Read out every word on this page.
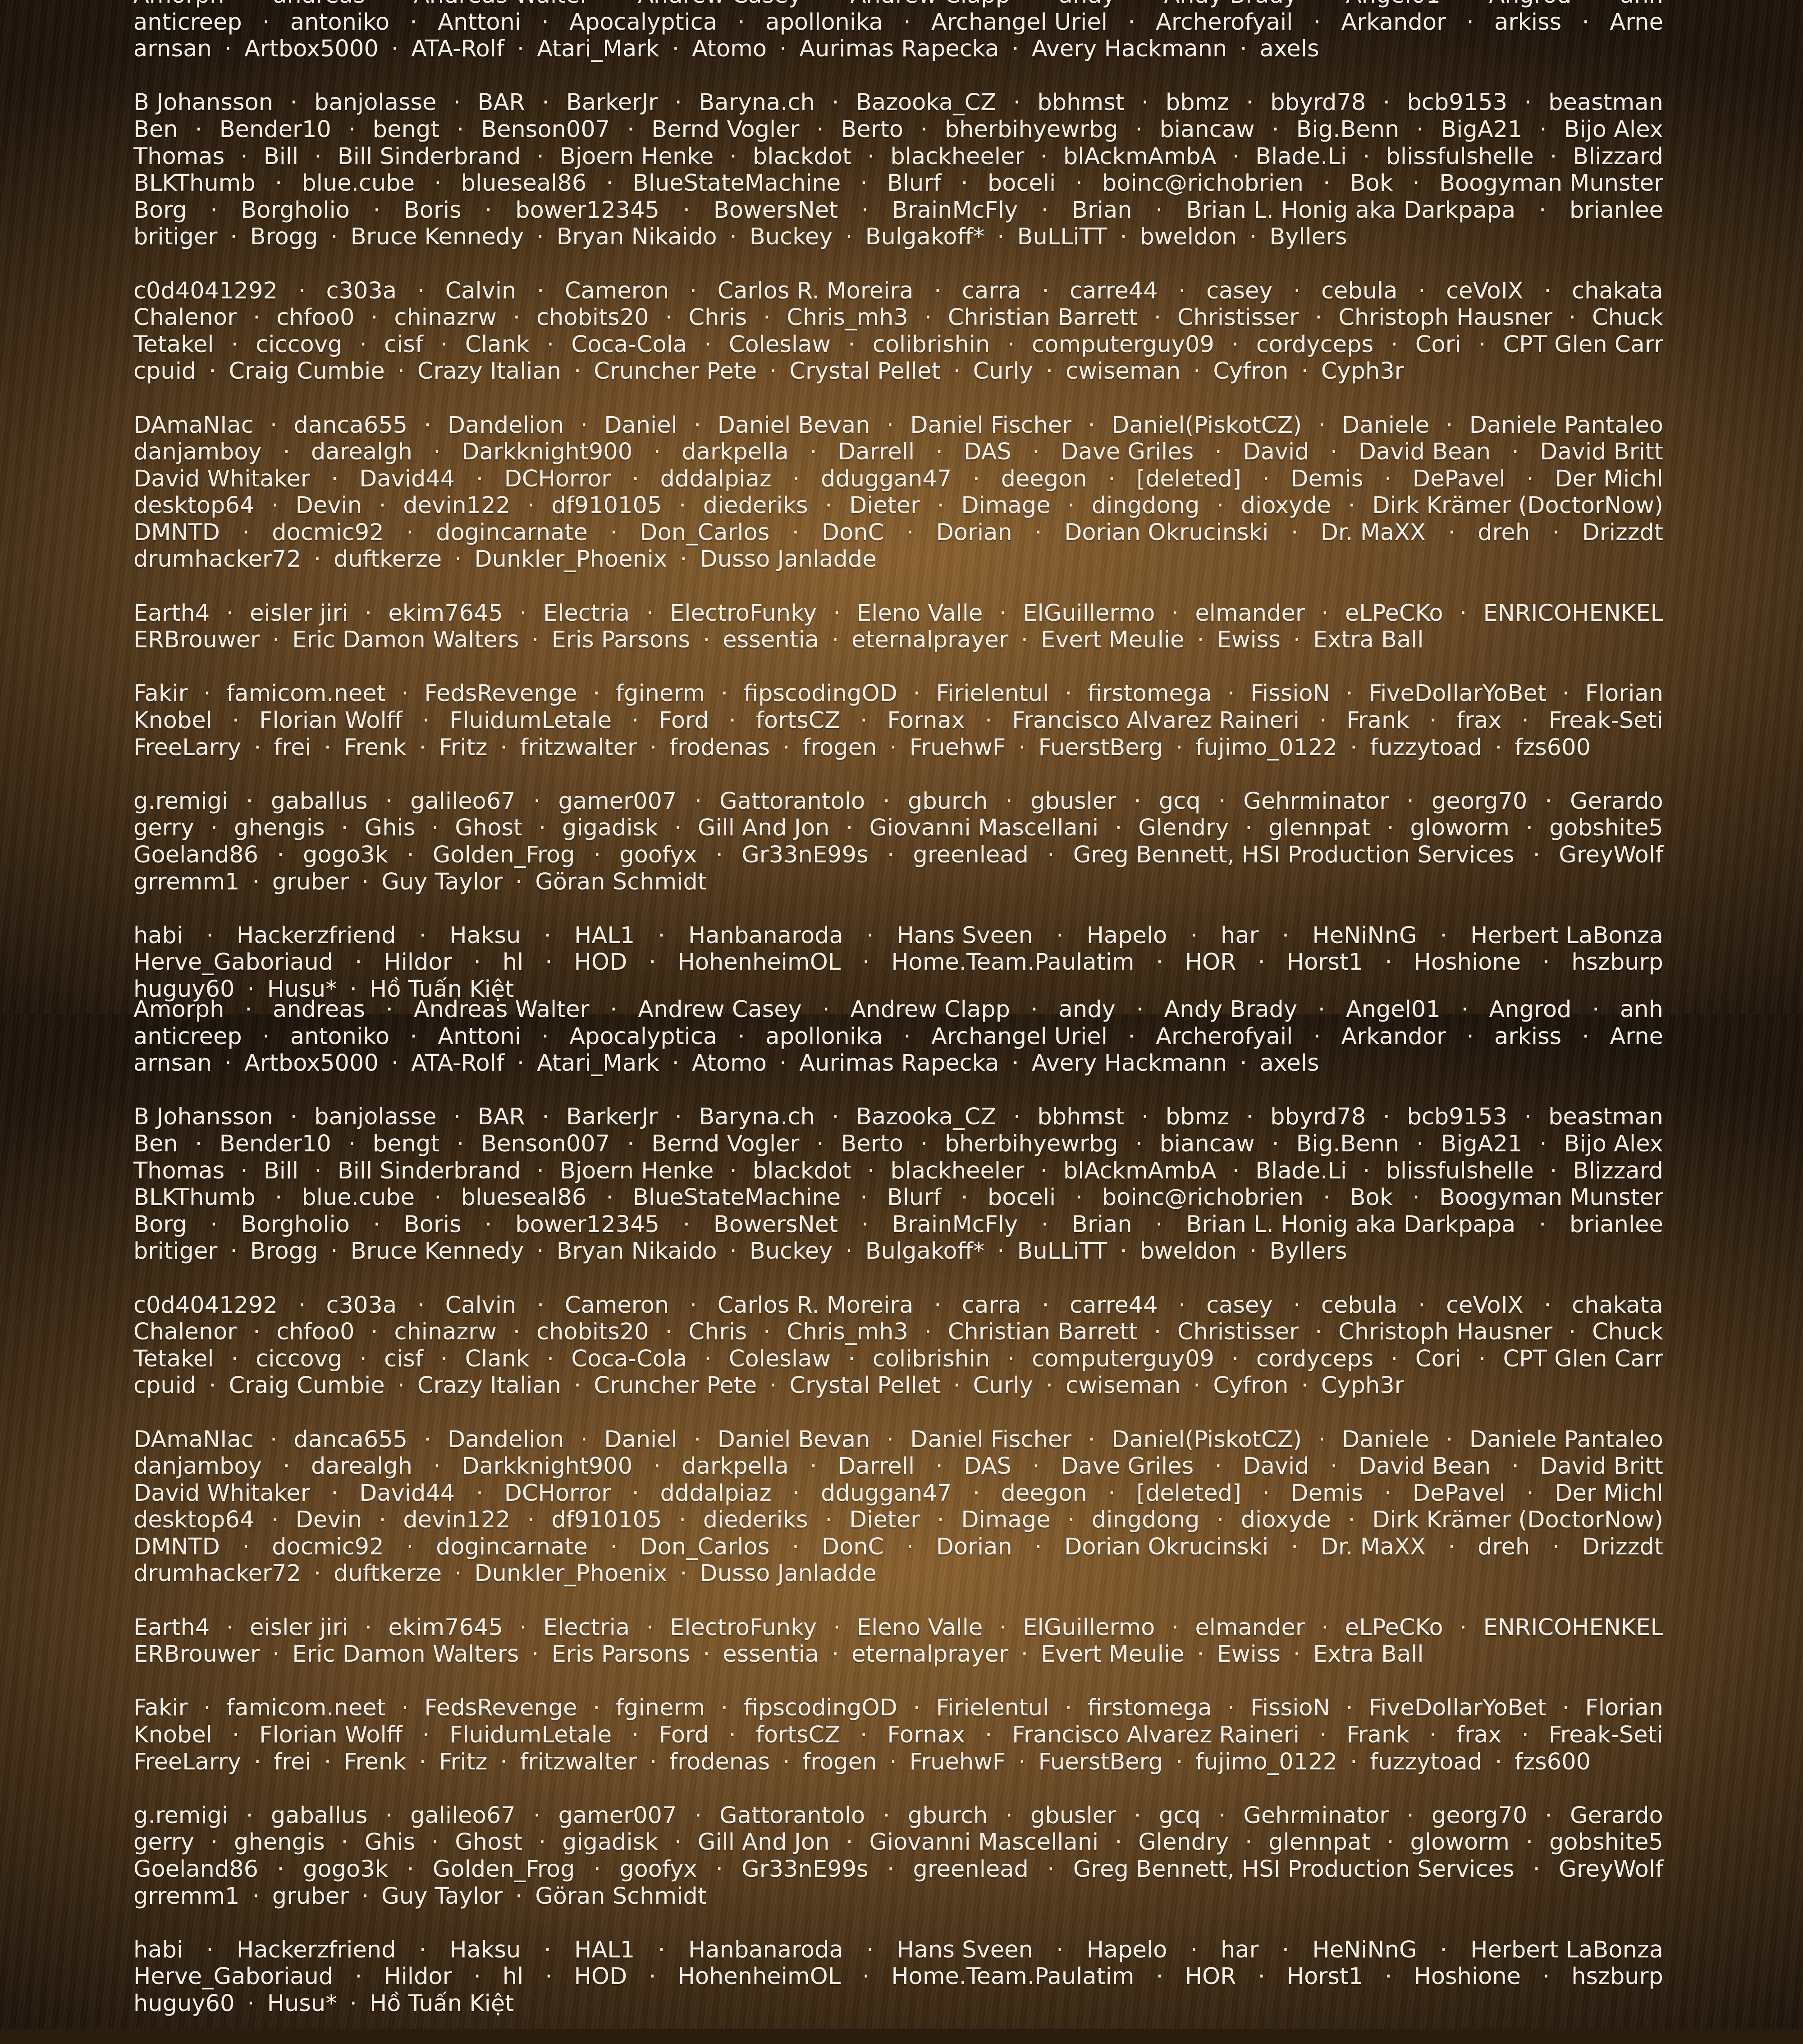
anticreep · antoniko · Anttoni · Apocalyptica · apollonika · Archangel Uriel · Archerofyail · Arkandor · arkiss · Arne
arnsan · Artbox5000 · ATA-Rolf · Atari_Mark · Atomo · Aurimas Rapecka · Avery Hackmann · axels
B Johansson · banjolasse · BAR · BarkerJr · Baryna.ch · Bazooka_CZ · bbhmst · bbmz · bbyrd78 · bcb9153 · beastman
Ben · Bender10 · bengt · Benson007 · Bernd Vogler · Berto · bherbihyewrbg · biancaw · Big.Benn · BigA21 · Bijo Alex
Thomas · Bill · Bill Sinderbrand · Bjoern Henke · blackdot · blackheeler · blAckmAmbA · Blade.Li · blissfulshelle · Blizzard
BLKThumb · blue.cube · blueseal86 · BlueStateMachine · Blurf · boceli · boinc@richobrien · Bok · Boogyman Munster
Borg · Borgholio · Boris · bower12345 · BowersNet · BrainMcFly · Brian · Brian L. Honig aka Darkpapa · brianlee
britiger · Brogg · Bruce Kennedy · Bryan Nikaido · Buckey · Bulgakoff* · BuLLiTT · bweldon · Byllers
c0d4041292 · c303a · Calvin · Cameron · Carlos R. Moreira · carra · carre44 · casey · cebula · ceVoIX · chakata
Chalenor · chfoo0 · chinazrw · chobits20 · Chris · Chris_mh3 · Christian Barrett · Christisser · Christoph Hausner · Chuck
Tetakel · ciccovg · cisf · Clank · Coca-Cola · Coleslaw · colibrishin · computerguy09 · cordyceps · Cori · CPT Glen Carr
cpuid · Craig Cumbie · Crazy Italian · Cruncher Pete · Crystal Pellet · Curly · cwiseman · Cyfron · Cyph3r
DAmaNIac · danca655 · Dandelion · Daniel · Daniel Bevan · Daniel Fischer · Daniel(PiskotCZ) · Daniele · Daniele Pantaleo
danjamboy · darealgh · Darkknight900 · darkpella · Darrell · DAS · Dave Griles · David · David Bean · David Britt
David Whitaker · David44 · DCHorror · dddalpiaz · dduggan47 · deegon · [deleted] · Demis · DePavel · Der Michl
desktop64 · Devin · devin122 · df910105 · diederiks · Dieter · Dimage · dingdong · dioxyde · Dirk Krämer (DoctorNow)
DMNTD · docmic92 · dogincarnate · Don_Carlos · DonC · Dorian · Dorian Okrucinski · Dr. MaXX · dreh · Drizzdt
drumhacker72 · duftkerze · Dunkler_Phoenix · Dusso Janladde
Earth4 · eisler jiri · ekim7645 · Electria · ElectroFunky · Eleno Valle · ElGuillermo · elmander · eLPeCKo · ENRICOHENKEL
ERBrouwer · Eric Damon Walters · Eris Parsons · essentia · eternalprayer · Evert Meulie · Ewiss · Extra Ball
Fakir · famicom.neet · FedsRevenge · fginerm · fipscodingOD · Firielentul · firstomega · FissioN · FiveDollarYoBet · Florian
Knobel · Florian Wolff · FluidumLetale · Ford · fortsCZ · Fornax · Francisco Alvarez Raineri · Frank · frax · Freak-Seti
FreeLarry · frei · Frenk · Fritz · fritzwalter · frodenas · frogen · FruehwF · FuerstBerg · fujimo_0122 · fuzzytoad · fzs600
g.remigi · gaballus · galileo67 · gamer007 · Gattorantolo · gburch · gbusler · gcq · Gehrminator · georg70 · Gerardo
gerry · ghengis · Ghis · Ghost · gigadisk · Gill And Jon · Giovanni Mascellani · Glendry · glennpat · gloworm · gobshite5
Goeland86 · gogo3k · Golden_Frog · goofyx · Gr33nE99s · greenlead · Greg Bennett, HSI Production Services · GreyWolf
grremm1 · gruber · Guy Taylor · Göran Schmidt
habi · Hackerzfriend · Haksu · HAL1 · Hanbanaroda · Hans Sveen · Hapelo · har · HeNiNnG · Herbert LaBonza
Herve_Gaboriaud · Hildor · hl · HOD · HohenheimOL · Home.Team.Paulatim · HOR · Horst1 · Hoshione · hszburp
huguy60 · Husu* · Hồ Tuấn Kiệt
Amorph · andreas · Andreas Walter · Andrew Casey · Andrew Clapp · andy · Andy Brady · Angel01 · Angrod · anh
anticreep · antoniko · Anttoni · Apocalyptica · apollonika · Archangel Uriel · Archerofyail · Arkandor · arkiss · Arne
arnsan · Artbox5000 · ATA-Rolf · Atari_Mark · Atomo · Aurimas Rapecka · Avery Hackmann · axels
B Johansson · banjolasse · BAR · BarkerJr · Baryna.ch · Bazooka_CZ · bbhmst · bbmz · bbyrd78 · bcb9153 · beastman
Ben · Bender10 · bengt · Benson007 · Bernd Vogler · Berto · bherbihyewrbg · biancaw · Big.Benn · BigA21 · Bijo Alex
Thomas · Bill · Bill Sinderbrand · Bjoern Henke · blackdot · blackheeler · blAckmAmbA · Blade.Li · blissfulshelle · Blizzard
BLKThumb · blue.cube · blueseal86 · BlueStateMachine · Blurf · boceli · boinc@richobrien · Bok · Boogyman Munster
Borg · Borgholio · Boris · bower12345 · BowersNet · BrainMcFly · Brian · Brian L. Honig aka Darkpapa · brianlee
britiger · Brogg · Bruce Kennedy · Bryan Nikaido · Buckey · Bulgakoff* · BuLLiTT · bweldon · Byllers
c0d4041292 · c303a · Calvin · Cameron · Carlos R. Moreira · carra · carre44 · casey · cebula · ceVoIX · chakata
Chalenor · chfoo0 · chinazrw · chobits20 · Chris · Chris_mh3 · Christian Barrett · Christisser · Christoph Hausner · Chuck
Tetakel · ciccovg · cisf · Clank · Coca-Cola · Coleslaw · colibrishin · computerguy09 · cordyceps · Cori · CPT Glen Carr
cpuid · Craig Cumbie · Crazy Italian · Cruncher Pete · Crystal Pellet · Curly · cwiseman · Cyfron · Cyph3r
DAmaNIac · danca655 · Dandelion · Daniel · Daniel Bevan · Daniel Fischer · Daniel(PiskotCZ) · Daniele · Daniele Pantaleo
danjamboy · darealgh · Darkknight900 · darkpella · Darrell · DAS · Dave Griles · David · David Bean · David Britt
David Whitaker · David44 · DCHorror · dddalpiaz · dduggan47 · deegon · [deleted] · Demis · DePavel · Der Michl
desktop64 · Devin · devin122 · df910105 · diederiks · Dieter · Dimage · dingdong · dioxyde · Dirk Krämer (DoctorNow)
DMNTD · docmic92 · dogincarnate · Don_Carlos · DonC · Dorian · Dorian Okrucinski · Dr. MaXX · dreh · Drizzdt
drumhacker72 · duftkerze · Dunkler_Phoenix · Dusso Janladde
Earth4 · eisler jiri · ekim7645 · Electria · ElectroFunky · Eleno Valle · ElGuillermo · elmander · eLPeCKo · ENRICOHENKEL
ERBrouwer · Eric Damon Walters · Eris Parsons · essentia · eternalprayer · Evert Meulie · Ewiss · Extra Ball
Fakir · famicom.neet · FedsRevenge · fginerm · fipscodingOD · Firielentul · firstomega · FissioN · FiveDollarYoBet · Florian
Knobel · Florian Wolff · FluidumLetale · Ford · fortsCZ · Fornax · Francisco Alvarez Raineri · Frank · frax · Freak-Seti
FreeLarry · frei · Frenk · Fritz · fritzwalter · frodenas · frogen · FruehwF · FuerstBerg · fujimo_0122 · fuzzytoad · fzs600
g.remigi · gaballus · galileo67 · gamer007 · Gattorantolo · gburch · gbusler · gcq · Gehrminator · georg70 · Gerardo
gerry · ghengis · Ghis · Ghost · gigadisk · Gill And Jon · Giovanni Mascellani · Glendry · glennpat · gloworm · gobshite5
Goeland86 · gogo3k · Golden_Frog · goofyx · Gr33nE99s · greenlead · Greg Bennett, HSI Production Services · GreyWolf
grremm1 · gruber · Guy Taylor · Göran Schmidt
habi · Hackerzfriend · Haksu · HAL1 · Hanbanaroda · Hans Sveen · Hapelo · har · HeNiNnG · Herbert LaBonza
Herve_Gaboriaud · Hildor · hl · HOD · HohenheimOL · Home.Team.Paulatim · HOR · Horst1 · Hoshione · hszburp
huguy60 · Husu* · Hồ Tuấn Kiệt
